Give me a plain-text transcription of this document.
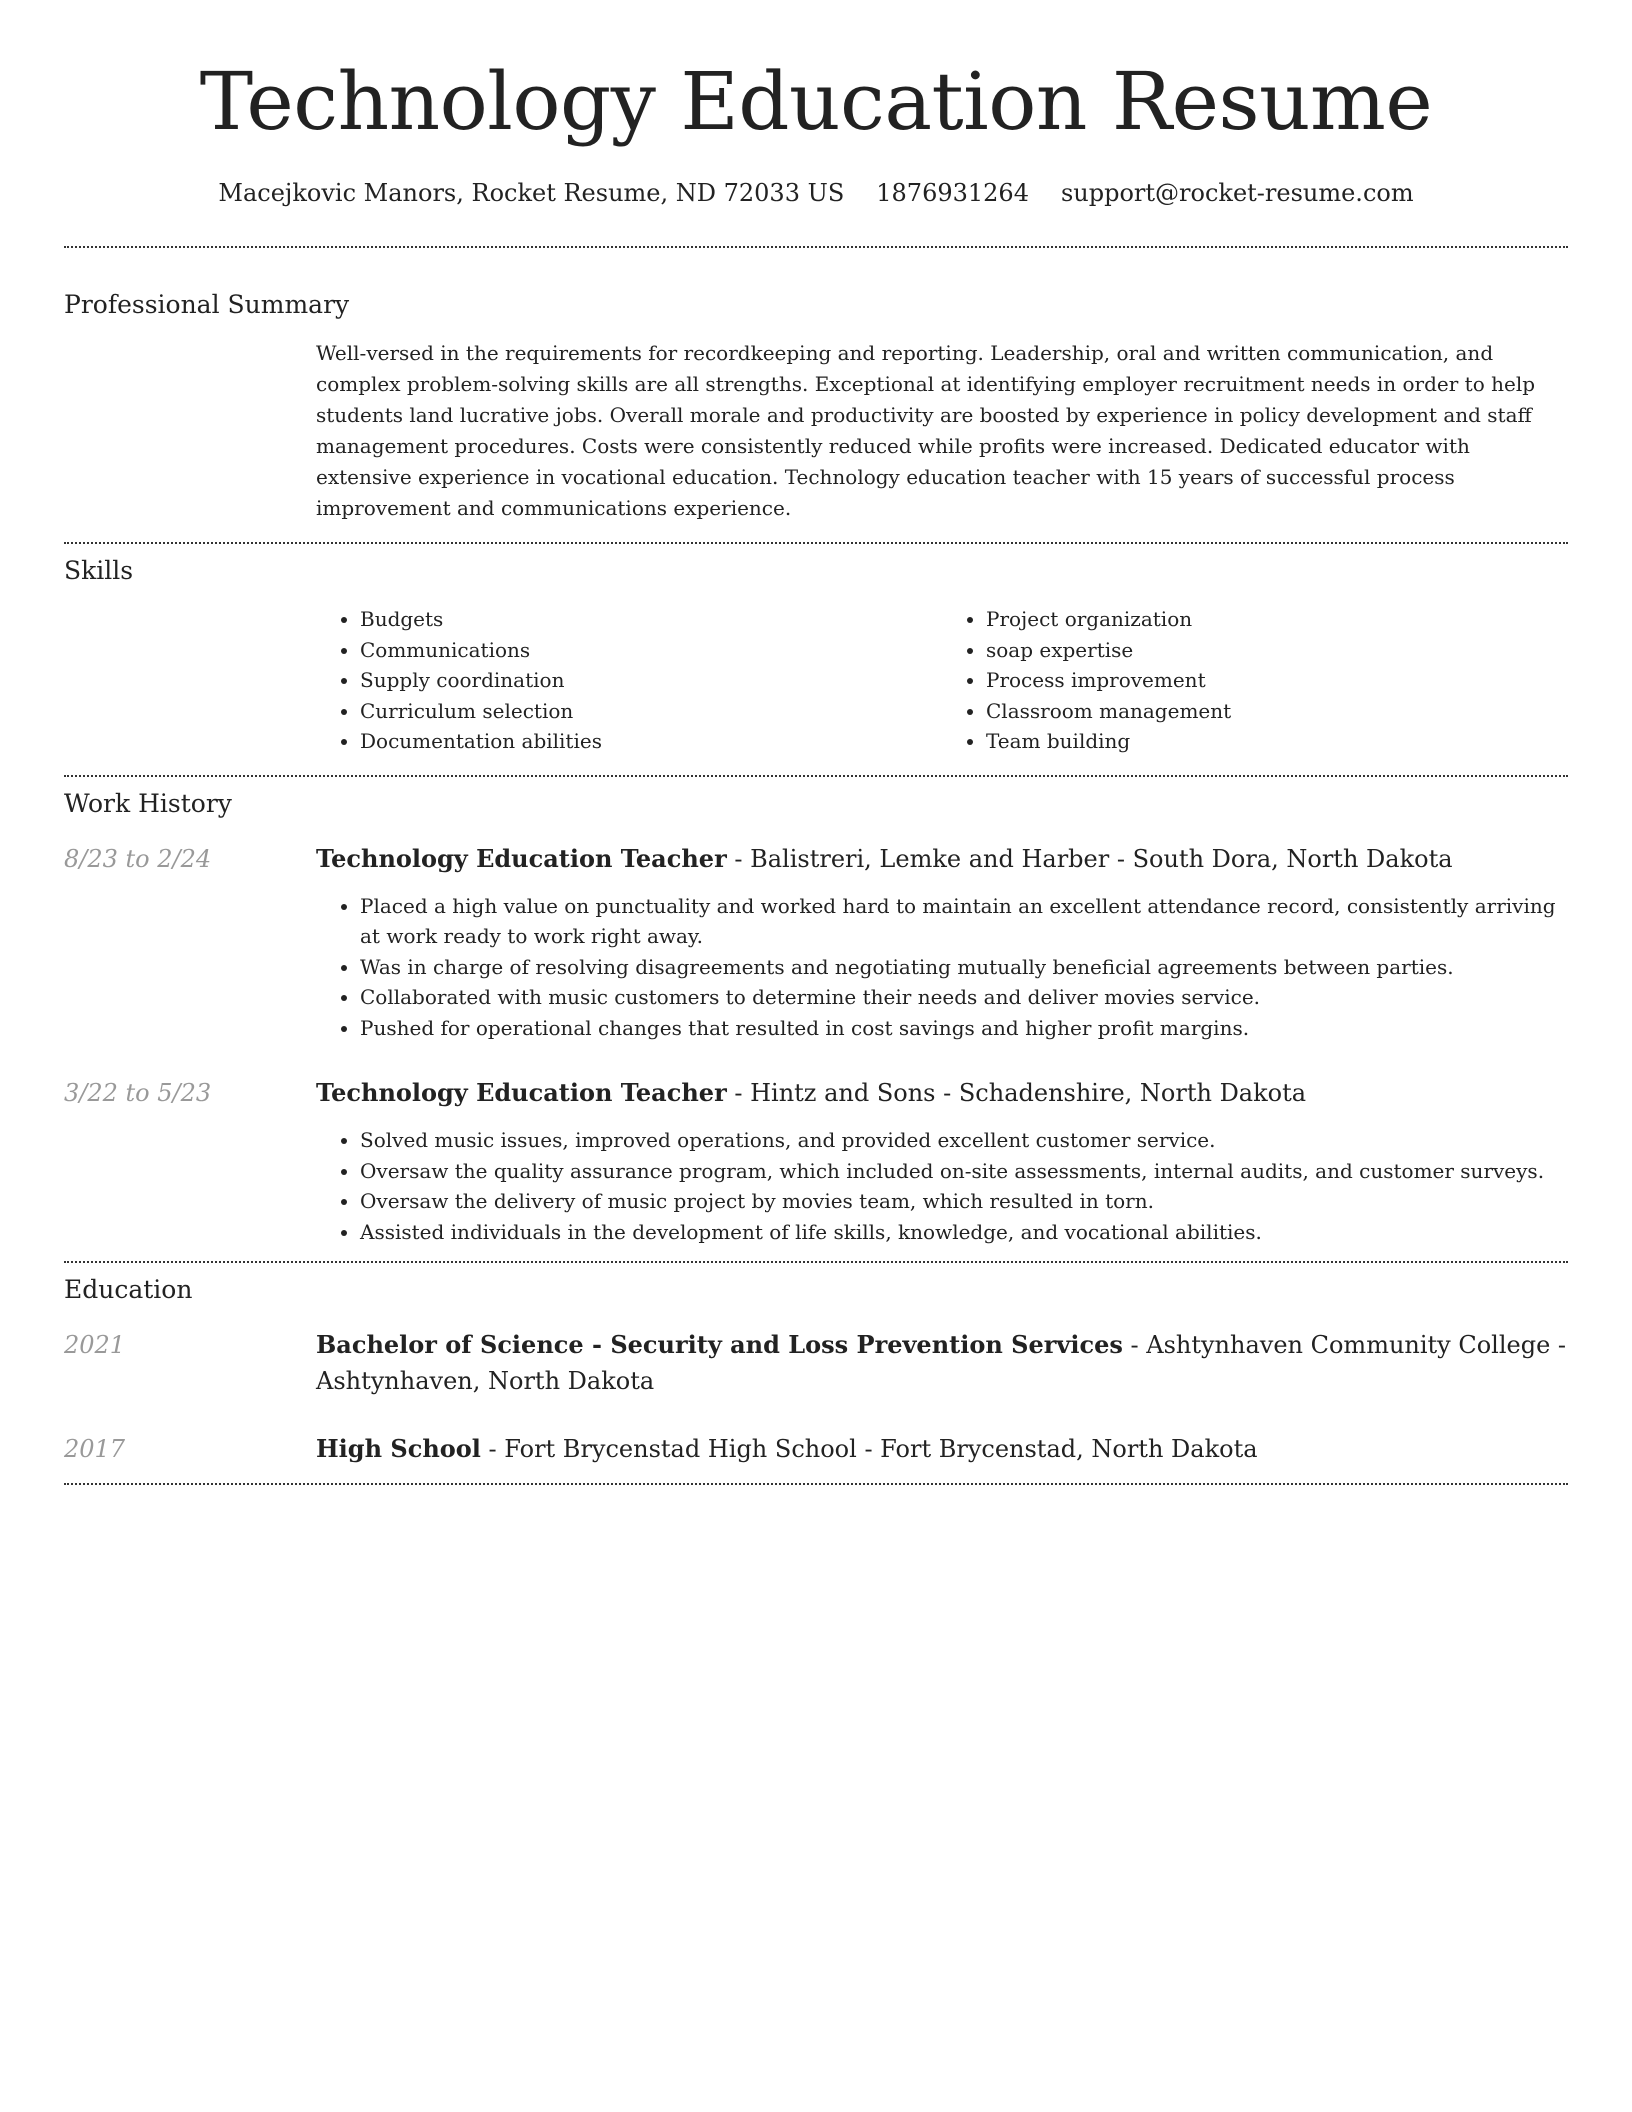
Technology Education Resume
Macejkovic Manors, Rocket Resume, ND 72033 US 1876931264 support@rocket-resume.com
Professional Summary

Well-versed in the requirements for recordkeeping and reporting. Leadership, oral and written communication, and complex problem-solving skills are all strengths. Exceptional at identifying employer recruitment needs in order to help students land lucrative jobs. Overall morale and productivity are boosted by experience in policy development and staff management procedures. Costs were consistently reduced while profits were increased. Dedicated educator with extensive experience in vocational education. Technology education teacher with 15 years of successful process improvement and communications experience.

Skills
• Budgets
• Communications
• Supply coordination
• Curriculum selection
• Documentation abilities
• Project organization
• soap expertise
• Process improvement
• Classroom management
• Team building
Work History
8/23 to 2/24	Technology Education Teacher - Balistreri, Lemke and Harber - South Dora, North Dakota
• Placed a high value on punctuality and worked hard to maintain an excellent attendance record, consistently arriving at work ready to work right away.
• Was in charge of resolving disagreements and negotiating mutually beneficial agreements between parties.
• Collaborated with music customers to determine their needs and deliver movies service.
• Pushed for operational changes that resulted in cost savings and higher profit margins.
3/22 to 5/23	Technology Education Teacher - Hintz and Sons - Schadenshire, North Dakota
• Solved music issues, improved operations, and provided excellent customer service.
• Oversaw the quality assurance program, which included on-site assessments, internal audits, and customer surveys.
• Oversaw the delivery of music project by movies team, which resulted in torn.
• Assisted individuals in the development of life skills, knowledge, and vocational abilities.
Education
2021	Bachelor of Science - Security and Loss Prevention Services - Ashtynhaven Community College - Ashtynhaven, North Dakota
2017	High School - Fort Brycenstad High School - Fort Brycenstad, North Dakota
